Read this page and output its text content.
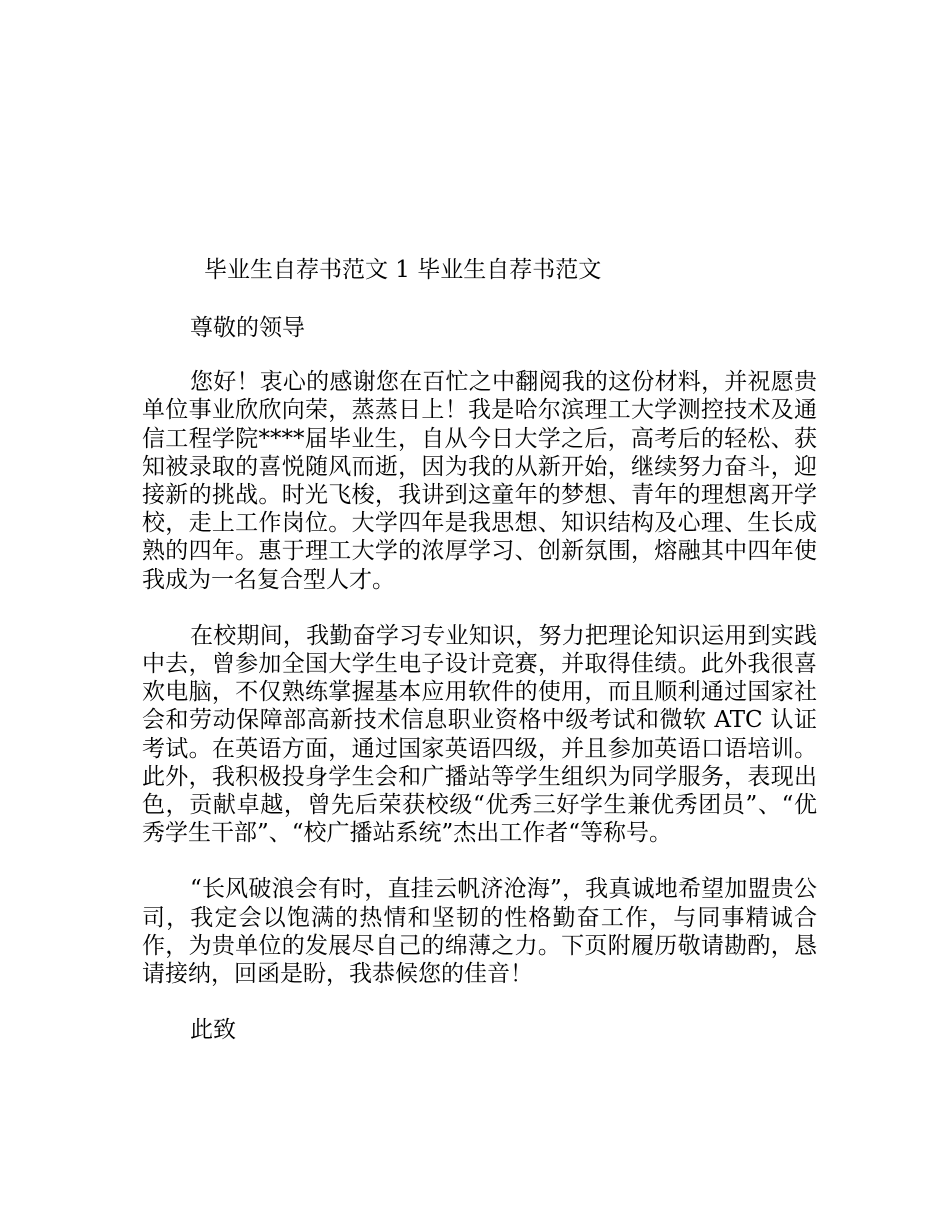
毕业生自荐书范文 1 毕业生自荐书范文

尊敬的领导

您好！衷心的感谢您在百忙之中翻阅我的这份材料，并祝愿贵单位事业欣欣向荣，蒸蒸日上！我是哈尔滨理工大学测控技术及通信工程学院****届毕业生，自从今日大学之后，高考后的轻松、获知被录取的喜悦随风而逝，因为我的从新开始，继续努力奋斗，迎接新的挑战。时光飞梭，我讲到这童年的梦想、青年的理想离开学校，走上工作岗位。大学四年是我思想、知识结构及心理、生长成熟的四年。惠于理工大学的浓厚学习、创新氛围，熔融其中四年使我成为一名复合型人才。

在校期间，我勤奋学习专业知识，努力把理论知识运用到实践中去，曾参加全国大学生电子设计竞赛，并取得佳绩。此外我很喜欢电脑，不仅熟练掌握基本应用软件的使用，而且顺利通过国家社会和劳动保障部高新技术信息职业资格中级考试和微软 ATC 认证考试。在英语方面，通过国家英语四级，并且参加英语口语培训。此外，我积极投身学生会和广播站等学生组织为同学服务，表现出色，贡献卓越，曾先后荣获校级“优秀三好学生兼优秀团员”、“优秀学生干部”、“校广播站系统”杰出工作者“等称号。

“长风破浪会有时，直挂云帆济沧海”，我真诚地希望加盟贵公司，我定会以饱满的热情和坚韧的性格勤奋工作，与同事精诚合作，为贵单位的发展尽自己的绵薄之力。下页附履历敬请勘酌，恳请接纳，回函是盼，我恭候您的佳音！

此致
